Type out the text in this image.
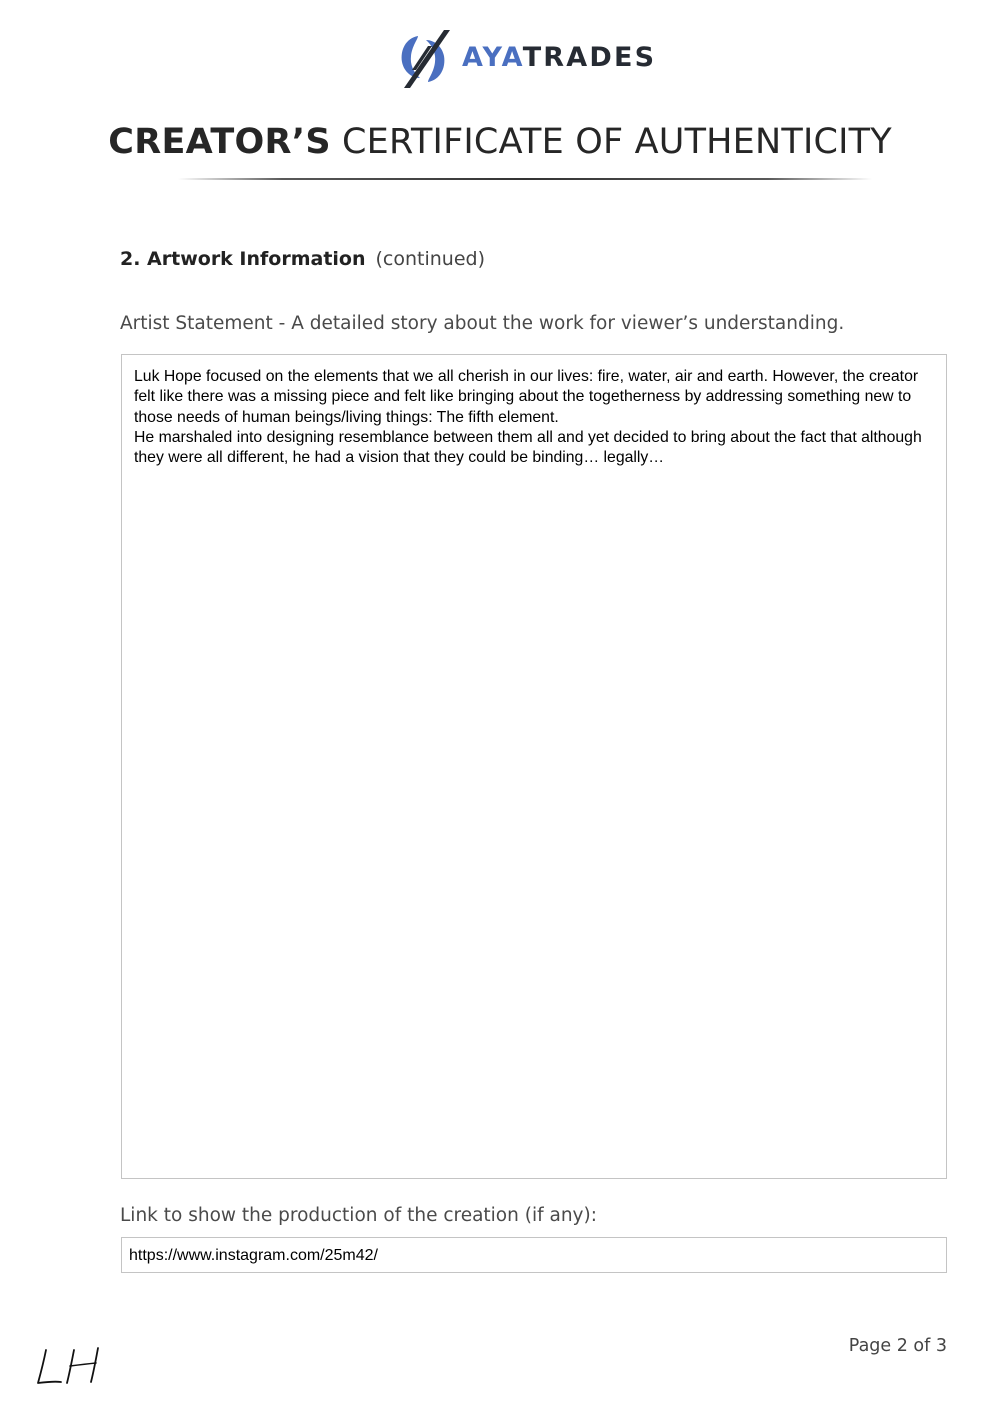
AYATRADES
CREATOR’S CERTIFICATE OF AUTHENTICITY
2. Artwork Information (continued)
Artist Statement - A detailed story about the work for viewer’s understanding.

Luk Hope focused on the elements that we all cherish in our lives: fire, water, air and earth. However, the creator felt like there was a missing piece and felt like bringing about the togetherness by addressing something new to those needs of human beings/living things: The fifth element.

He marshaled into designing resemblance between them all and yet decided to bring about the fact that although they were all different, he had a vision that they could be binding… legally…

Link to show the production of the creation (if any):
https://www.instagram.com/25m42/
Page 2 of 3
